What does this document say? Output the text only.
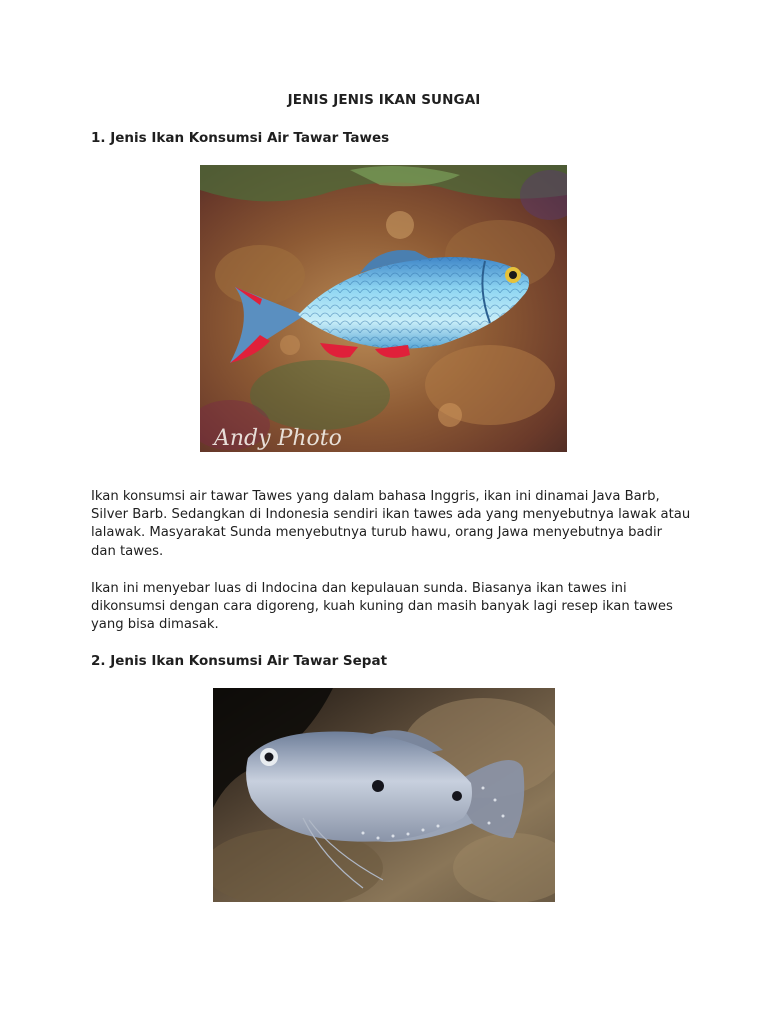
JENIS JENIS IKAN SUNGAI
1. Jenis Ikan Konsumsi Air Tawar Tawes
Andy Photo

Ikan konsumsi air tawar Tawes yang dalam bahasa Inggris, ikan ini dinamai Java Barb, Silver Barb. Sedangkan di Indonesia sendiri ikan tawes ada yang menyebutnya lawak atau lalawak. Masyarakat Sunda menyebutnya turub hawu, orang Jawa menyebutnya badir dan tawes.

Ikan ini menyebar luas di Indocina dan kepulauan sunda. Biasanya ikan tawes ini dikonsumsi dengan cara digoreng, kuah kuning dan masih banyak lagi resep ikan tawes yang bisa dimasak.

2. Jenis Ikan Konsumsi Air Tawar Sepat
